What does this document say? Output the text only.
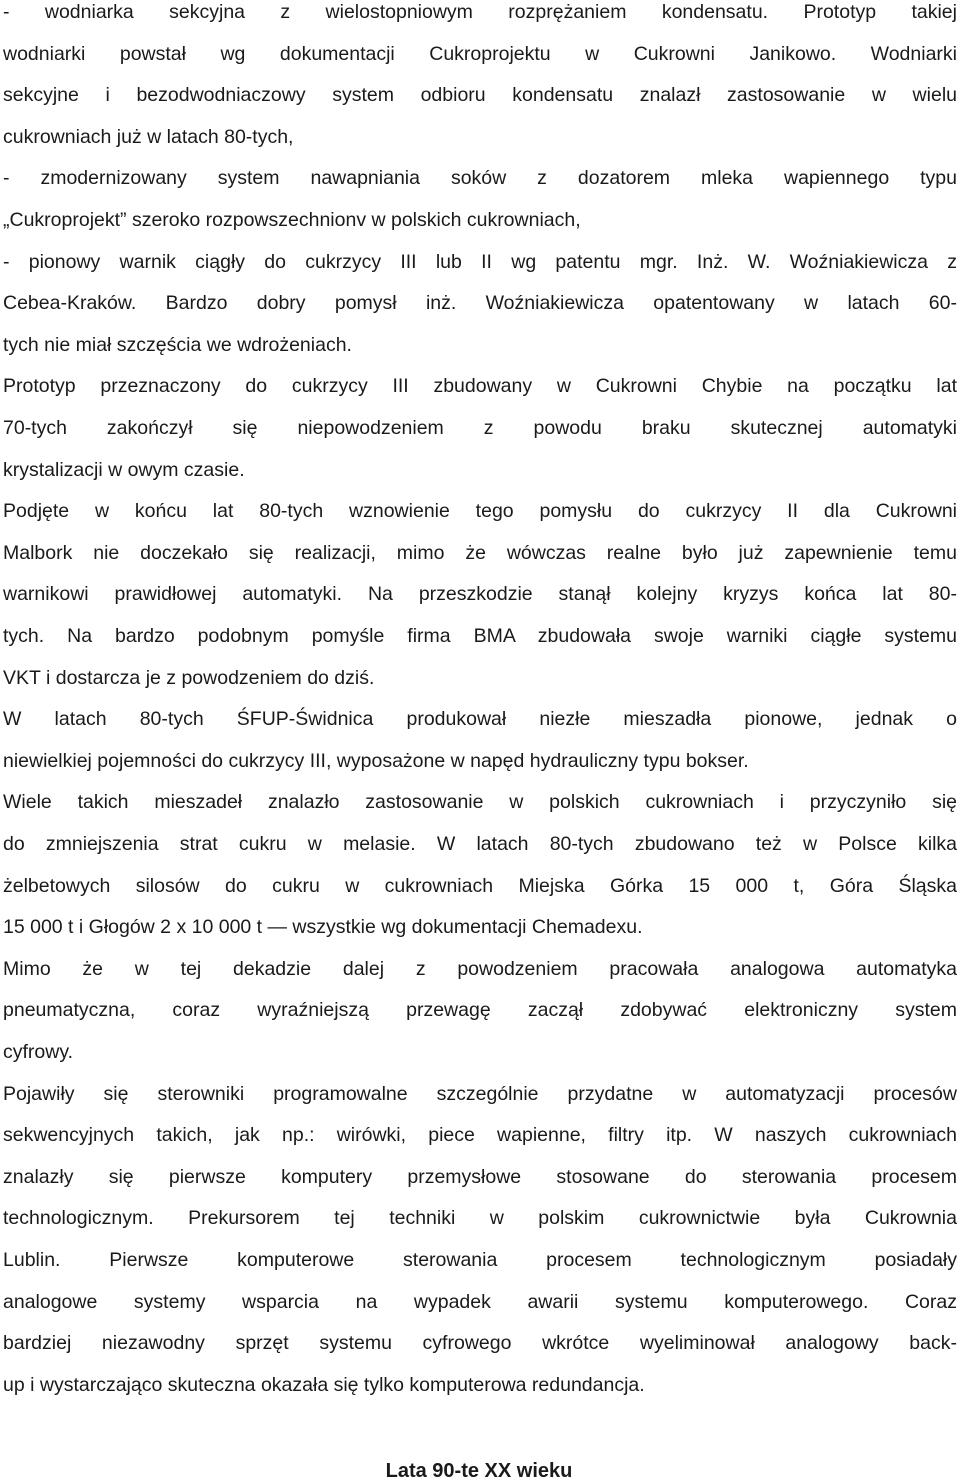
- wodniarka sekcyjna z wielostopniowym rozprężaniem kondensatu. Prototyp takiej
wodniarki powstał wg dokumentacji Cukroprojektu w Cukrowni Janikowo. Wodniarki
sekcyjne i bezodwodniaczowy system odbioru kondensatu znalazł zastosowanie w wielu
cukrowniach już w latach 80-tych,
- zmodernizowany system nawapniania soków z dozatorem mleka wapiennego typu
„Cukroprojekt” szeroko rozpowszechnionv w polskich cukrowniach,
- pionowy warnik ciągły do cukrzycy III lub II wg patentu mgr. Inż. W. Woźniakiewicza z
Cebea-Kraków. Bardzo dobry pomysł inż. Woźniakiewicza opatentowany w latach 60-
tych nie miał szczęścia we wdrożeniach.
Prototyp przeznaczony do cukrzycy III zbudowany w Cukrowni Chybie na początku lat
70-tych zakończył się niepowodzeniem z powodu braku skutecznej automatyki
krystalizacji w owym czasie.
Podjęte w końcu lat 80-tych wznowienie tego pomysłu do cukrzycy II dla Cukrowni
Malbork nie doczekało się realizacji, mimo że wówczas realne było już zapewnienie temu
warnikowi prawidłowej automatyki. Na przeszkodzie stanął kolejny kryzys końca lat 80-
tych. Na bardzo podobnym pomyśle firma BMA zbudowała swoje warniki ciągłe systemu
VKT i dostarcza je z powodzeniem do dziś.
W latach 80-tych ŚFUP-Świdnica produkował niezłe mieszadła pionowe, jednak o
niewielkiej pojemności do cukrzycy III, wyposażone w napęd hydrauliczny typu bokser.
Wiele takich mieszadeł znalazło zastosowanie w polskich cukrowniach i przyczyniło się
do zmniejszenia strat cukru w melasie. W latach 80-tych zbudowano też w Polsce kilka
żelbetowych silosów do cukru w cukrowniach Miejska Górka 15 000 t, Góra Śląska
15 000 t i Głogów 2 x 10 000 t — wszystkie wg dokumentacji Chemadexu.
Mimo że w tej dekadzie dalej z powodzeniem pracowała analogowa automatyka
pneumatyczna, coraz wyraźniejszą przewagę zaczął zdobywać elektroniczny system
cyfrowy.
Pojawiły się sterowniki programowalne szczególnie przydatne w automatyzacji procesów
sekwencyjnych takich, jak np.: wirówki, piece wapienne, filtry itp. W naszych cukrowniach
znalazły się pierwsze komputery przemysłowe stosowane do sterowania procesem
technologicznym. Prekursorem tej techniki w polskim cukrownictwie była Cukrownia
Lublin. Pierwsze komputerowe sterowania procesem technologicznym posiadały
analogowe systemy wsparcia na wypadek awarii systemu komputerowego. Coraz
bardziej niezawodny sprzęt systemu cyfrowego wkrótce wyeliminował analogowy back-
up i wystarczająco skuteczna okazała się tylko komputerowa redundancja.
Lata 90-te XX wieku
